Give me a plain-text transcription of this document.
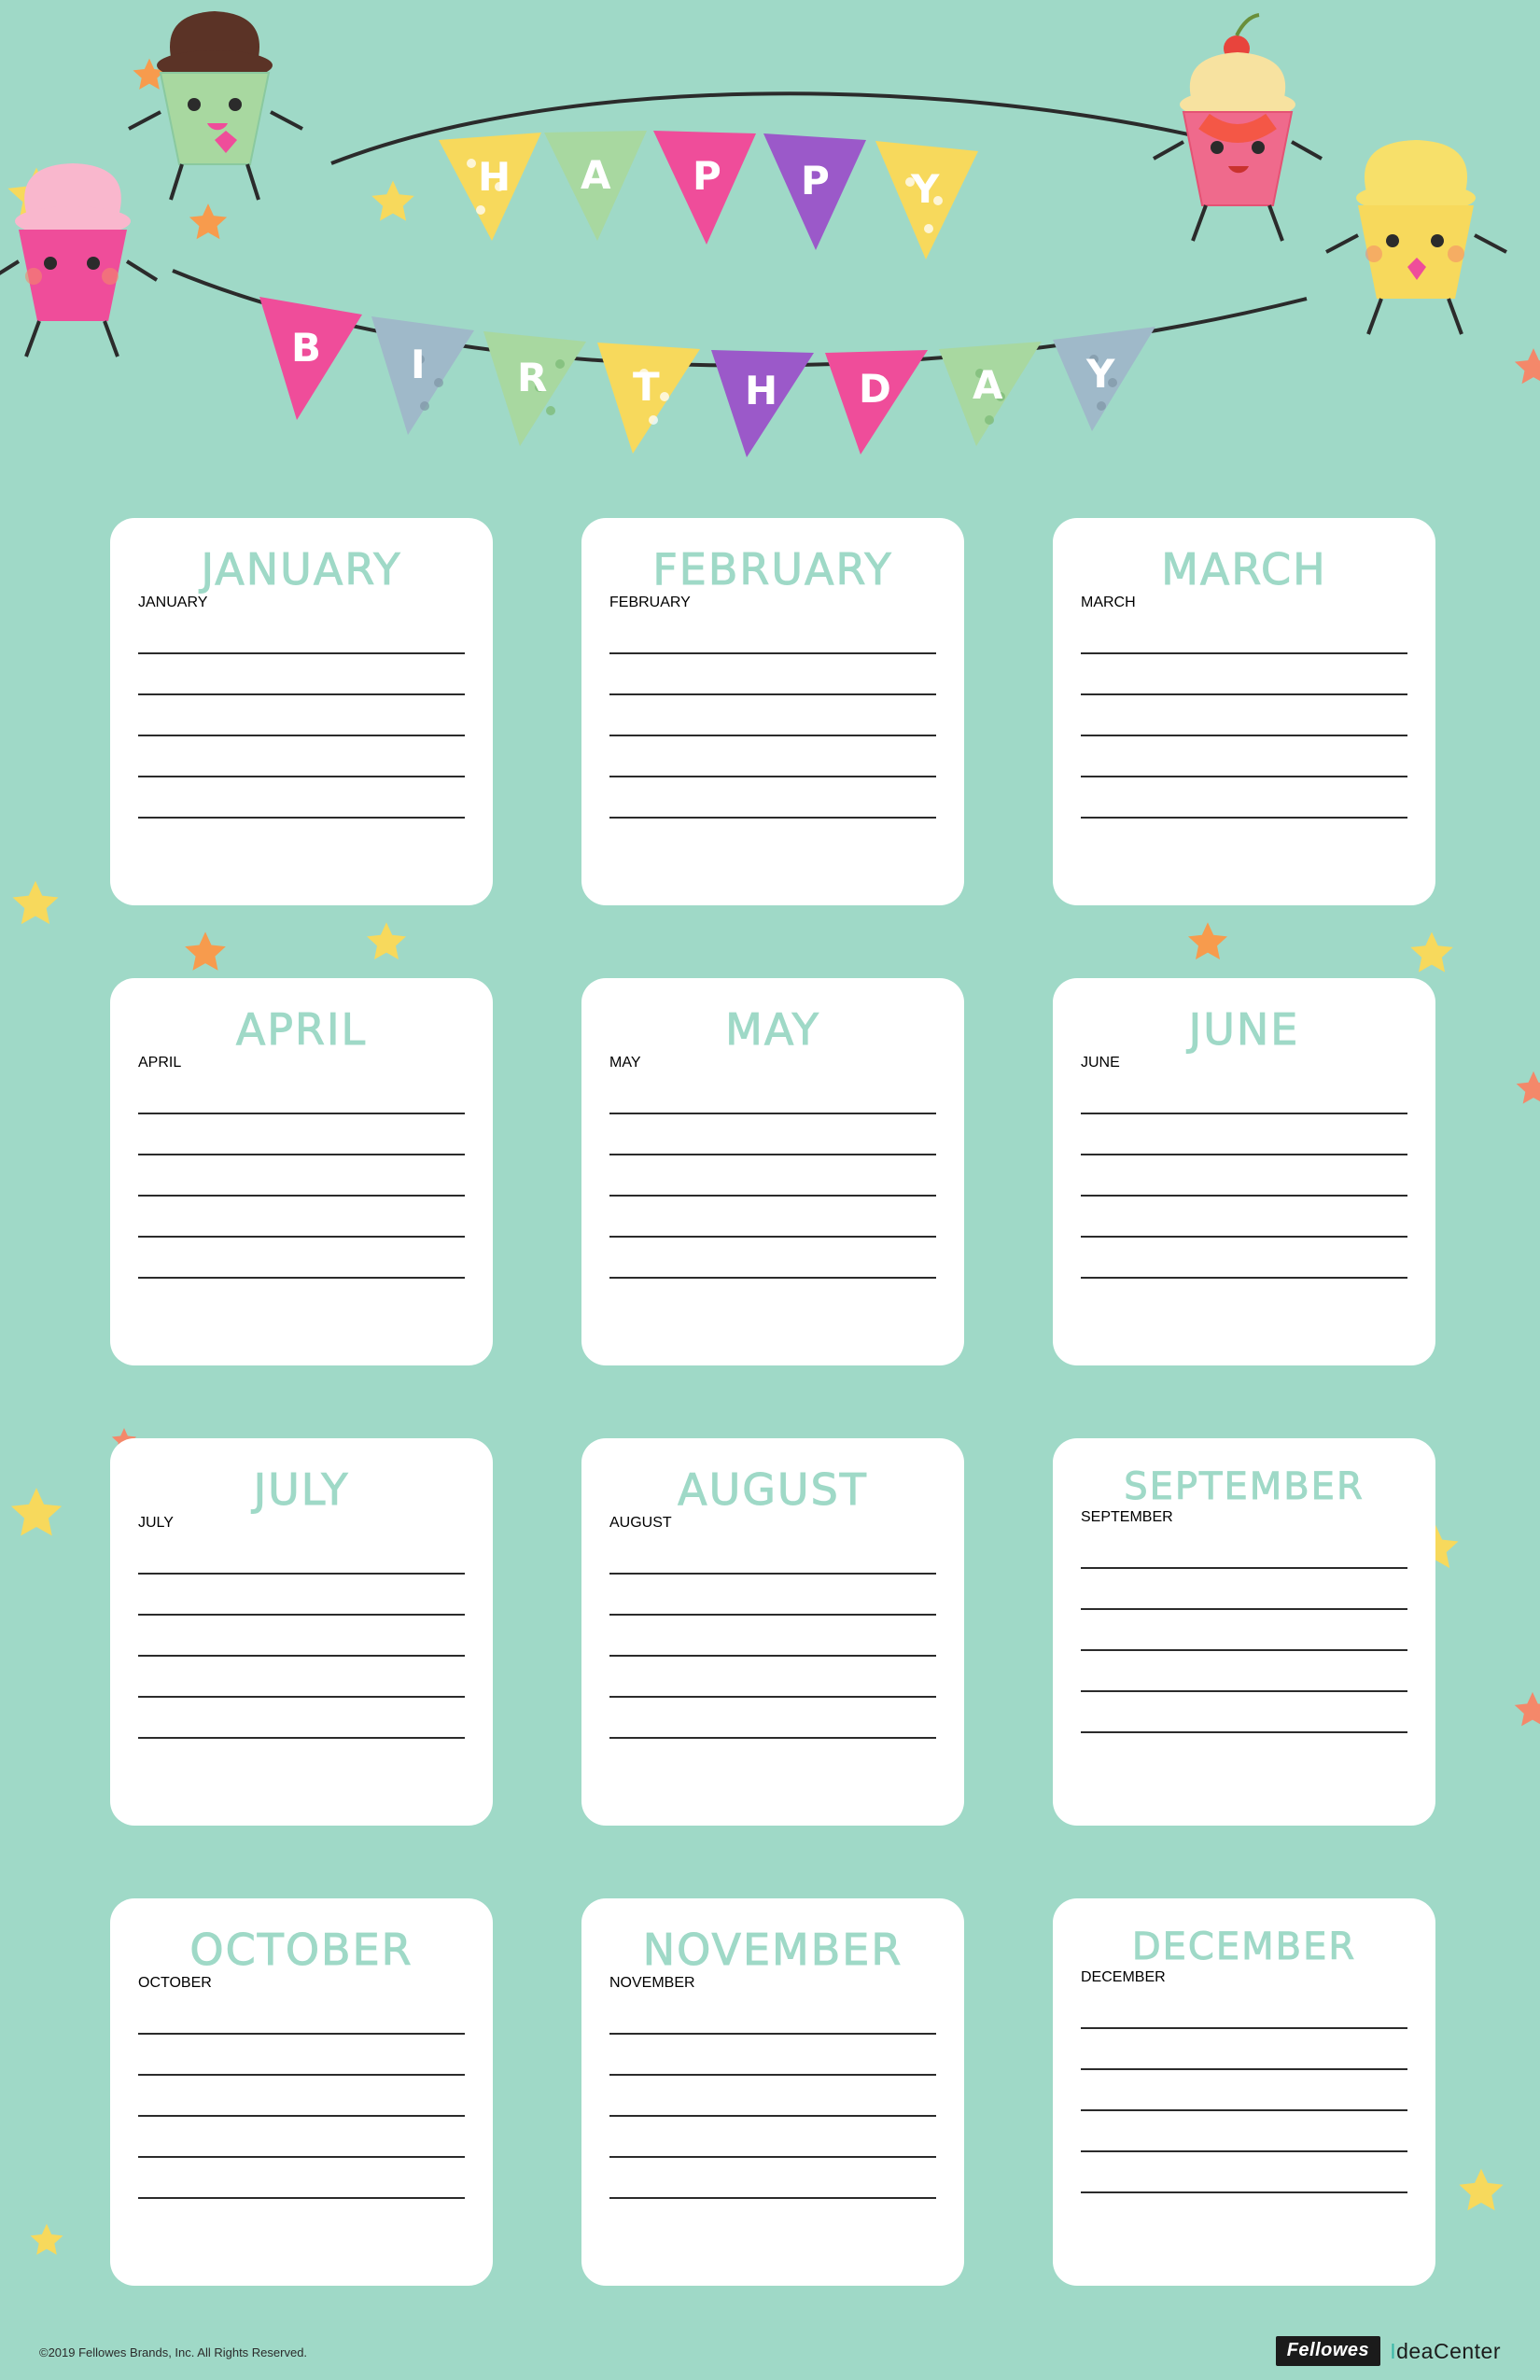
H A P P Y
B I R T H D A Y
JANUARY
JANUARY
FEBRUARY
FEBRUARY
MARCH
MARCH
APRIL
APRIL
MAY
MAY
JUNE
JUNE
JULY
JULY
AUGUST
AUGUST
SEPTEMBER
SEPTEMBER
OCTOBER
OCTOBER
NOVEMBER
NOVEMBER
DECEMBER
DECEMBER
©2019 Fellowes Brands, Inc. All Rights Reserved.	Fellowes IdeaCenter
